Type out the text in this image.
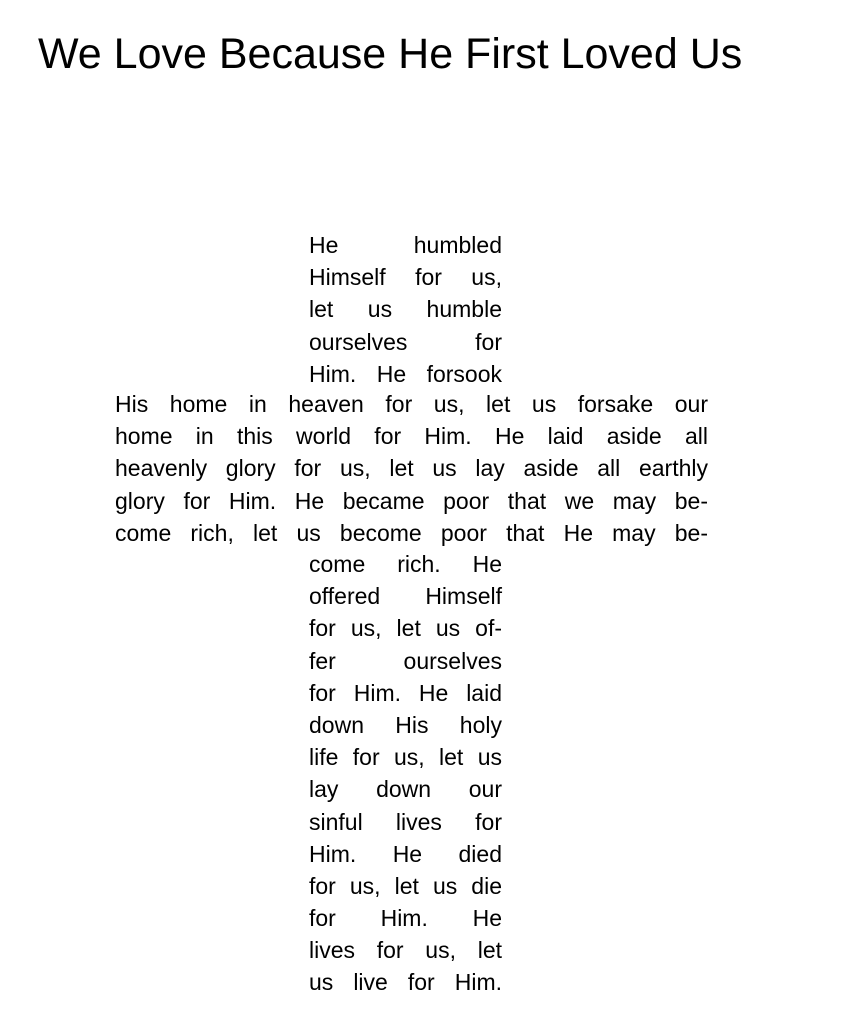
We Love Because He First Loved Us
He humbled
Himself for us,
let us humble
ourselves for
Him. He forsook
His home in heaven for us, let us forsake our
home in this world for Him. He laid aside all
heavenly glory for us, let us lay aside all earthly
glory for Him. He became poor that we may be-
come rich, let us become poor that He may be-
come rich. He
offered Himself
for us, let us of-
fer ourselves
for Him. He laid
down His holy
life for us, let us
lay down our
sinful lives for
Him. He died
for us, let us die
for Him. He
lives for us, let
us live for Him.
